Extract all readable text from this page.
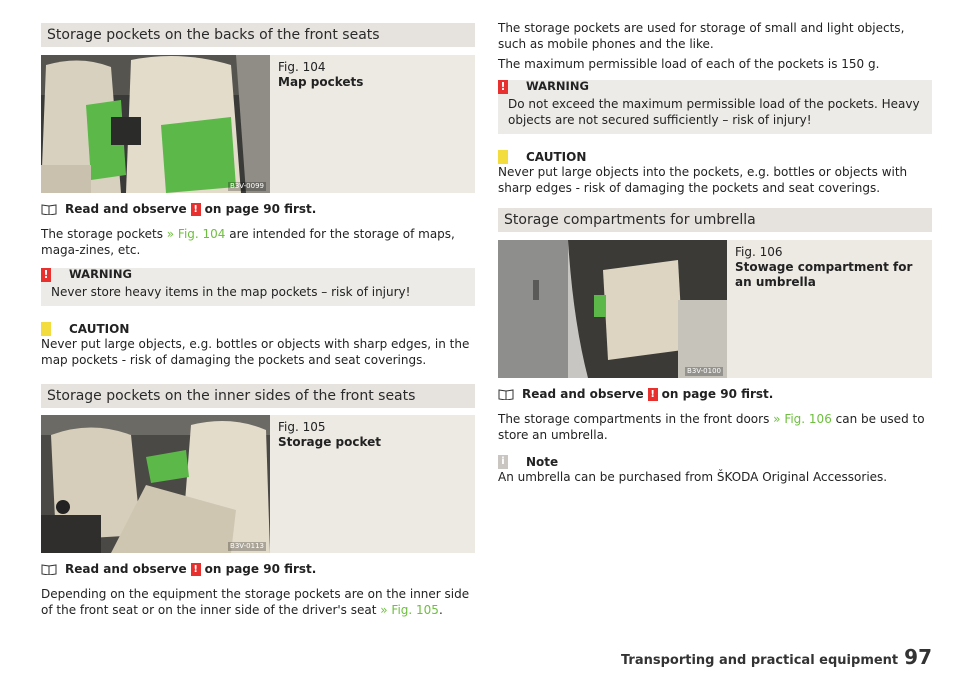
Storage pockets on the backs of the front seats
B3V-0099
Fig. 104
Map pockets
Read and observe ! on page 90 first.

The storage pockets » Fig. 104 are intended for the storage of maps, maga-zines, etc.

! WARNING
Never store heavy items in the map pockets – risk of injury!
CAUTION
Never put large objects, e.g. bottles or objects with sharp edges, in the map pockets - risk of damaging the pockets and seat coverings.
Storage pockets on the inner sides of the front seats
B3V-0113
Fig. 105
Storage pocket
Read and observe ! on page 90 first.

Depending on the equipment the storage pockets are on the inner side of the front seat or on the inner side of the driver's seat » Fig. 105.

The storage pockets are used for storage of small and light objects, such as mobile phones and the like.

The maximum permissible load of each of the pockets is 150 g.

! WARNING
Do not exceed the maximum permissible load of the pockets. Heavy objects are not secured sufficiently – risk of injury!
CAUTION
Never put large objects into the pockets, e.g. bottles or objects with sharp edges - risk of damaging the pockets and seat coverings.
Storage compartments for umbrella
B3V-0100
Fig. 106
Stowage compartment for an umbrella
Read and observe ! on page 90 first.

The storage compartments in the front doors » Fig. 106 can be used to store an umbrella.

i Note
An umbrella can be purchased from ŠKODA Original Accessories.
Transporting and practical equipment 97
